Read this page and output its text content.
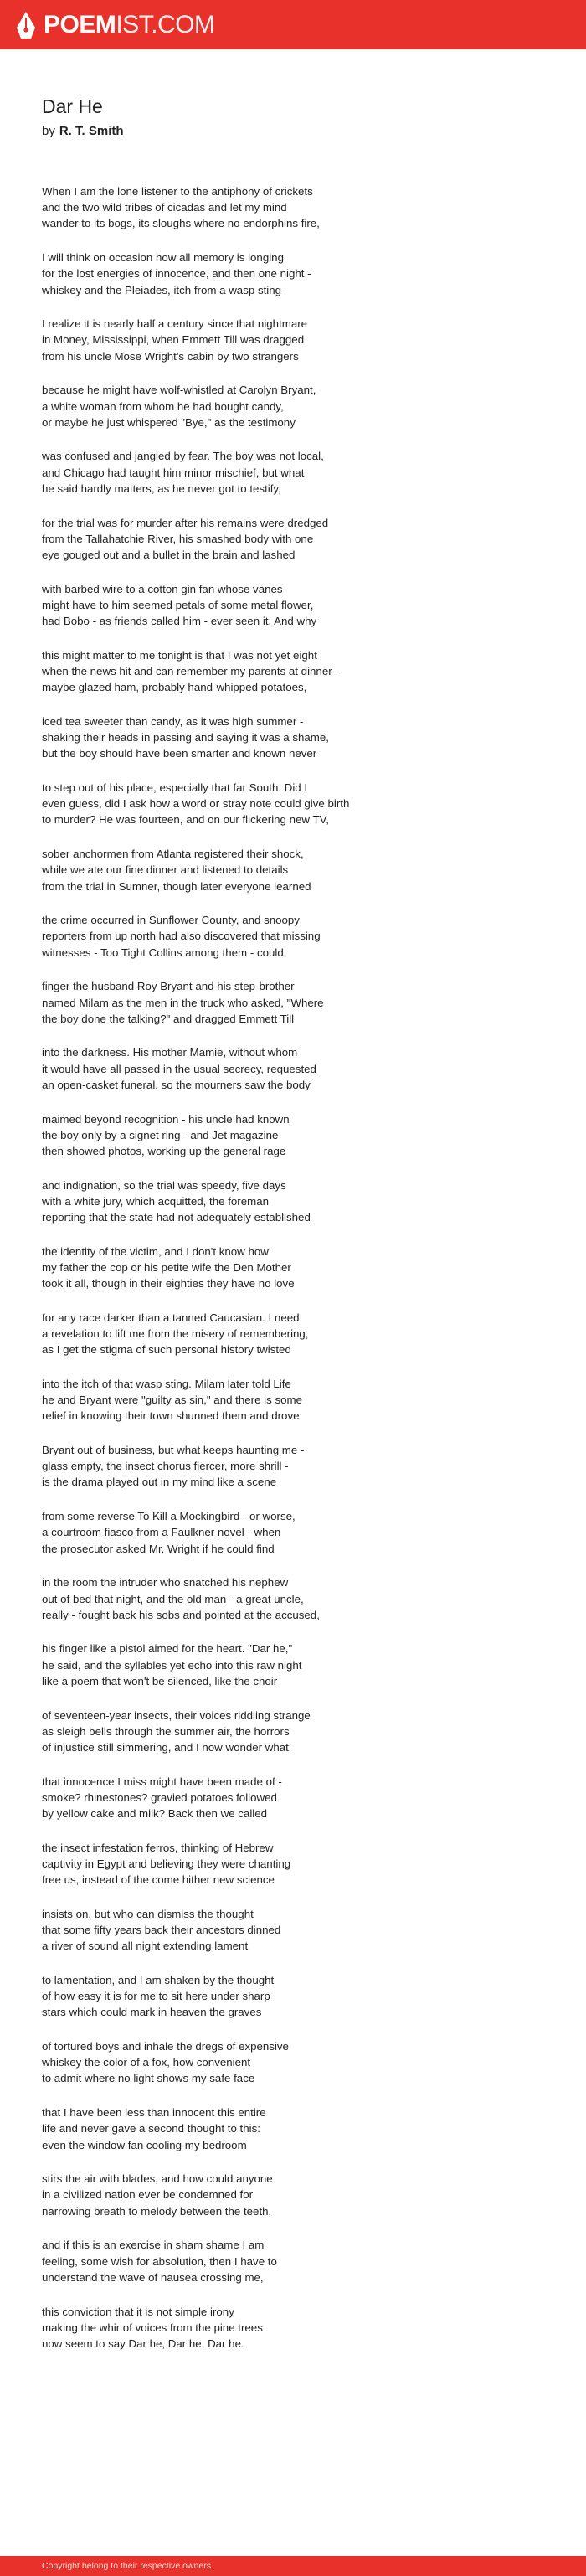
POEMIST.COM
Dar He
by R. T. Smith
When I am the lone listener to the antiphony of crickets
and the two wild tribes of cicadas and let my mind
wander to its bogs, its sloughs where no endorphins fire,
I will think on occasion how all memory is longing
for the lost energies of innocence, and then one night -
whiskey and the Pleiades, itch from a wasp sting -
I realize it is nearly half a century since that nightmare
in Money, Mississippi, when Emmett Till was dragged
from his uncle Mose Wright's cabin by two strangers
because he might have wolf-whistled at Carolyn Bryant,
a white woman from whom he had bought candy,
or maybe he just whispered "Bye," as the testimony
was confused and jangled by fear. The boy was not local,
and Chicago had taught him minor mischief, but what
he said hardly matters, as he never got to testify,
for the trial was for murder after his remains were dredged
from the Tallahatchie River, his smashed body with one
eye gouged out and a bullet in the brain and lashed
with barbed wire to a cotton gin fan whose vanes
might have to him seemed petals of some metal flower,
had Bobo - as friends called him - ever seen it. And why
this might matter to me tonight is that I was not yet eight
when the news hit and can remember my parents at dinner -
maybe glazed ham, probably hand-whipped potatoes,
iced tea sweeter than candy, as it was high summer -
shaking their heads in passing and saying it was a shame,
but the boy should have been smarter and known never
to step out of his place, especially that far South. Did I
even guess, did I ask how a word or stray note could give birth
to murder? He was fourteen, and on our flickering new TV,
sober anchormen from Atlanta registered their shock,
while we ate our fine dinner and listened to details
from the trial in Sumner, though later everyone learned
the crime occurred in Sunflower County, and snoopy
reporters from up north had also discovered that missing
witnesses - Too Tight Collins among them - could
finger the husband Roy Bryant and his step-brother
named Milam as the men in the truck who asked, "Where
the boy done the talking?" and dragged Emmett Till
into the darkness. His mother Mamie, without whom
it would have all passed in the usual secrecy, requested
an open-casket funeral, so the mourners saw the body
maimed beyond recognition - his uncle had known
the boy only by a signet ring - and Jet magazine
then showed photos, working up the general rage
and indignation, so the trial was speedy, five days
with a white jury, which acquitted, the foreman
reporting that the state had not adequately established
the identity of the victim, and I don't know how
my father the cop or his petite wife the Den Mother
took it all, though in their eighties they have no love
for any race darker than a tanned Caucasian. I need
a revelation to lift me from the misery of remembering,
as I get the stigma of such personal history twisted
into the itch of that wasp sting. Milam later told Life
he and Bryant were "guilty as sin," and there is some
relief in knowing their town shunned them and drove
Bryant out of business, but what keeps haunting me -
glass empty, the insect chorus fiercer, more shrill -
is the drama played out in my mind like a scene
from some reverse To Kill a Mockingbird - or worse,
a courtroom fiasco from a Faulkner novel - when
the prosecutor asked Mr. Wright if he could find
in the room the intruder who snatched his nephew
out of bed that night, and the old man - a great uncle,
really - fought back his sobs and pointed at the accused,
his finger like a pistol aimed for the heart. "Dar he,"
he said, and the syllables yet echo into this raw night
like a poem that won't be silenced, like the choir
of seventeen-year insects, their voices riddling strange
as sleigh bells through the summer air, the horrors
of injustice still simmering, and I now wonder what
that innocence I miss might have been made of -
smoke? rhinestones? gravied potatoes followed
by yellow cake and milk? Back then we called
the insect infestation ferros, thinking of Hebrew
captivity in Egypt and believing they were chanting
free us, instead of the come hither new science
insists on, but who can dismiss the thought
that some fifty years back their ancestors dinned
a river of sound all night extending lament
to lamentation, and I am shaken by the thought
of how easy it is for me to sit here under sharp
stars which could mark in heaven the graves
of tortured boys and inhale the dregs of expensive
whiskey the color of a fox, how convenient
to admit where no light shows my safe face
that I have been less than innocent this entire
life and never gave a second thought to this:
even the window fan cooling my bedroom
stirs the air with blades, and how could anyone
in a civilized nation ever be condemned for
narrowing breath to melody between the teeth,
and if this is an exercise in sham shame I am
feeling, some wish for absolution, then I have to
understand the wave of nausea crossing me,
this conviction that it is not simple irony
making the whir of voices from the pine trees
now seem to say Dar he, Dar he, Dar he.
Copyright belong to their respective owners.
